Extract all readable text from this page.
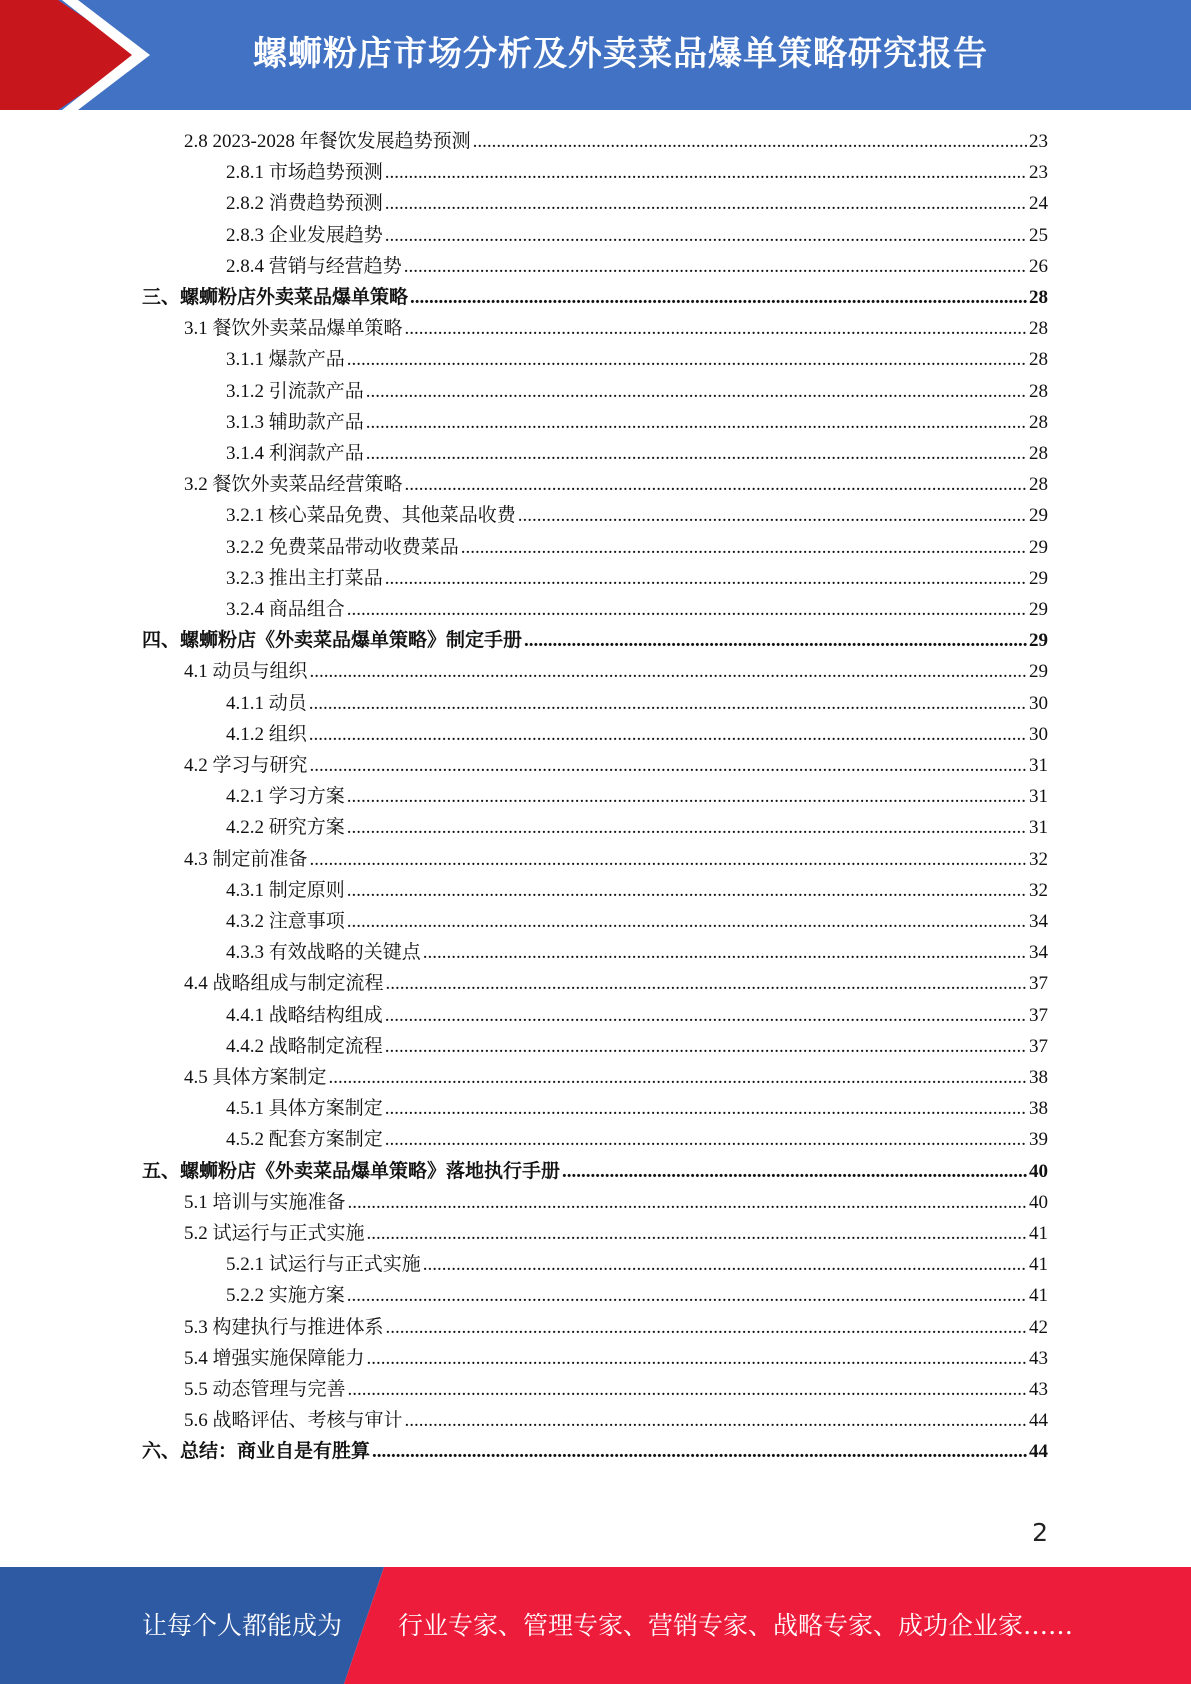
螺蛳粉店市场分析及外卖菜品爆单策略研究报告
2.8 2023-2028 年餐饮发展趋势预测 .....	23
2.8.1 市场趋势预测 .....	23
2.8.2 消费趋势预测 .....	24
2.8.3 企业发展趋势 .....	25
2.8.4 营销与经营趋势 .....	26
三、螺蛳粉店外卖菜品爆单策略 .....	28
3.1 餐饮外卖菜品爆单策略 .....	28
3.1.1 爆款产品 .....	28
3.1.2 引流款产品 .....	28
3.1.3 辅助款产品 .....	28
3.1.4 利润款产品 .....	28
3.2 餐饮外卖菜品经营策略 .....	28
3.2.1 核心菜品免费、其他菜品收费 .....	29
3.2.2 免费菜品带动收费菜品 .....	29
3.2.3 推出主打菜品 .....	29
3.2.4 商品组合 .....	29
四、螺蛳粉店《外卖菜品爆单策略》制定手册 .....	29
4.1 动员与组织 .....	29
4.1.1 动员 .....	30
4.1.2 组织 .....	30
4.2 学习与研究 .....	31
4.2.1 学习方案 .....	31
4.2.2 研究方案 .....	31
4.3 制定前准备 .....	32
4.3.1 制定原则 .....	32
4.3.2 注意事项 .....	34
4.3.3 有效战略的关键点 .....	34
4.4 战略组成与制定流程 .....	37
4.4.1 战略结构组成 .....	37
4.4.2 战略制定流程 .....	37
4.5 具体方案制定 .....	38
4.5.1 具体方案制定 .....	38
4.5.2 配套方案制定 .....	39
五、螺蛳粉店《外卖菜品爆单策略》落地执行手册 .....	40
5.1 培训与实施准备 .....	40
5.2 试运行与正式实施 .....	41
5.2.1 试运行与正式实施 .....	41
5.2.2 实施方案 .....	41
5.3 构建执行与推进体系 .....	42
5.4 增强实施保障能力 .....	43
5.5 动态管理与完善 .....	43
5.6 战略评估、考核与审计 .....	44
六、总结：商业自是有胜算 .....	44
2
让每个人都能成为 行业专家、管理专家、营销专家、战略专家、成功企业家……
